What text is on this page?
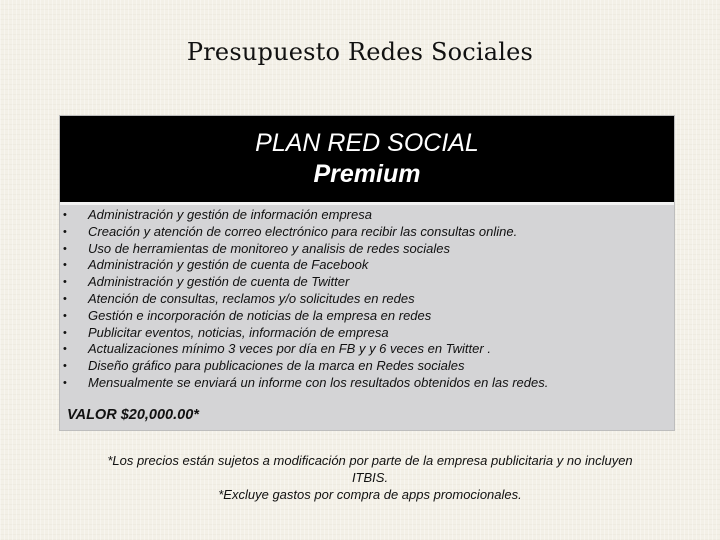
Presupuesto Redes Sociales
PLAN RED SOCIAL
Premium
• Administración y gestión de información empresa
• Creación y atención de correo electrónico para recibir las consultas online.
• Uso de herramientas de monitoreo y analisis de redes sociales
• Administración y gestión de cuenta de Facebook
• Administración y gestión de cuenta de Twitter
• Atención de consultas, reclamos y/o solicitudes en redes
• Gestión e incorporación de noticias de la empresa en redes
• Publicitar eventos, noticias, información de empresa
• Actualizaciones mínimo 3 veces por día en FB y y 6 veces en Twitter .
• Diseño gráfico para publicaciones de la marca en Redes sociales
• Mensualmente se enviará un informe con los resultados obtenidos en las redes.
VALOR $20,000.00*
*Los precios están sujetos a modificación por parte de la empresa publicitaria y no incluyen
ITBIS.
*Excluye gastos por compra de apps promocionales.
